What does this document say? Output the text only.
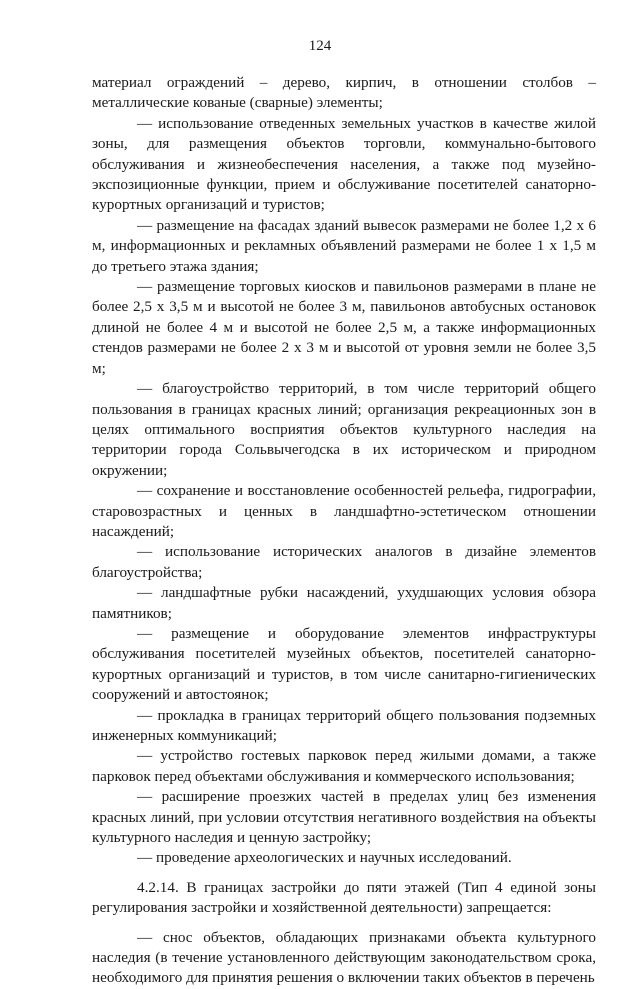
124

материал ограждений – дерево, кирпич, в отношении столбов – металлические кованые (сварные) элементы;

— использование отведенных земельных участков в качестве жилой зоны, для размещения объектов торговли, коммунально-бытового обслуживания и жизнеобеспечения населения, а также под музейно-экспозиционные функции, прием и обслуживание посетителей санаторно-курортных организаций и туристов;

— размещение на фасадах зданий вывесок размерами не более 1,2 х 6 м, информационных и рекламных объявлений размерами не более 1 х 1,5 м до третьего этажа здания;

— размещение торговых киосков и павильонов размерами в плане не более 2,5 х 3,5 м и высотой не более 3 м, павильонов автобусных остановок длиной не более 4 м и высотой не более 2,5 м, а также информационных стендов размерами не более 2 х 3 м и высотой от уровня земли не более 3,5 м;

— благоустройство территорий, в том числе территорий общего пользования в границах красных линий; организация рекреационных зон в целях оптимального восприятия объектов культурного наследия на территории города Сольвычегодска в их историческом и природном окружении;

— сохранение и восстановление особенностей рельефа, гидрографии, старовозрастных и ценных в ландшафтно-эстетическом отношении насаждений;

— использование исторических аналогов в дизайне элементов благоустройства;

— ландшафтные рубки насаждений, ухудшающих условия обзора памятников;

— размещение и оборудование элементов инфраструктуры обслуживания посетителей музейных объектов, посетителей санаторно-курортных организаций и туристов, в том числе санитарно-гигиенических сооружений и автостоянок;

— прокладка в границах территорий общего пользования подземных инженерных коммуникаций;

— устройство гостевых парковок перед жилыми домами, а также парковок перед объектами обслуживания и коммерческого использования;

— расширение проезжих частей в пределах улиц без изменения красных линий, при условии отсутствия негативного воздействия на объекты культурного наследия и ценную застройку;

— проведение археологических и научных исследований.

4.2.14. В границах застройки до пяти этажей (Тип 4 единой зоны регулирования застройки и хозяйственной деятельности) запрещается:

— снос объектов, обладающих признаками объекта культурного наследия (в течение установленного действующим законодательством срока, необходимого для принятия решения о включении таких объектов в перечень
